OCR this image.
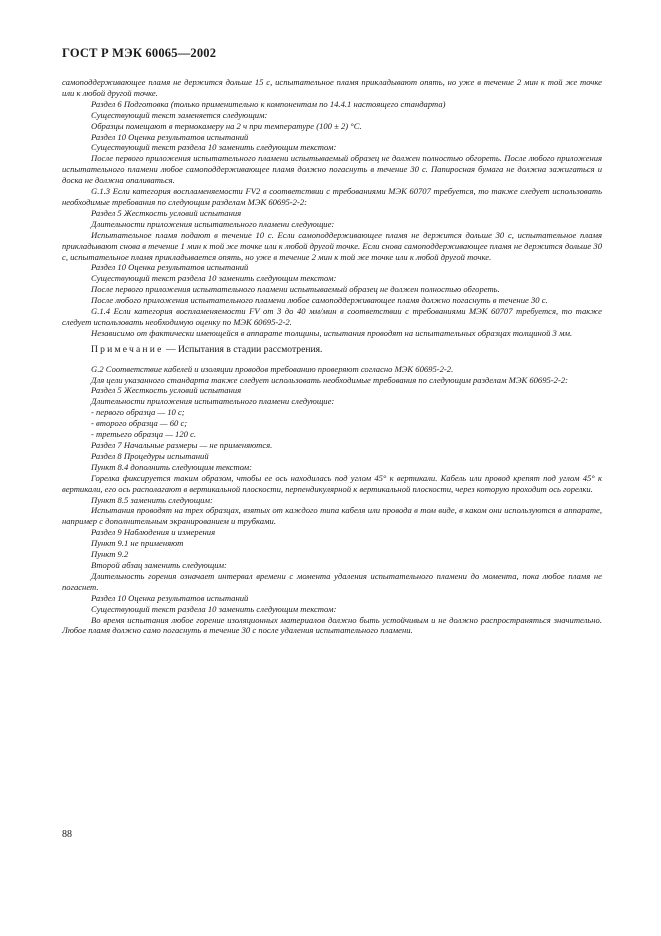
ГОСТ Р МЭК 60065—2002

самоподдерживающее пламя не держится дольше 15 с, испытательное пламя прикладывают опять, но уже в течение 2 мин к той же точке или к любой другой точке.

Раздел 6 Подготовка (только применительно к компонентам по 14.4.1 настоящего стандарта)

Существующий текст заменяется следующим:

Образцы помещают в термокамеру на 2 ч при температуре (100 ± 2) °С.

Раздел 10 Оценка результатов испытаний

Существующий текст раздела 10 заменить следующим текстом:

После первого приложения испытательного пламени испытываемый образец не должен полностью обгореть. После любого приложения испытательного пламени любое самоподдерживающее пламя должно погаснуть в течение 30 с. Папиросная бумага не должна зажигаться и доска не должна опаливаться.

G.1.3 Если категория воспламеняемости FV2 в соответствии с требованиями МЭК 60707 требуется, то также следует использовать необходимые требования по следующим разделам МЭК 60695-2-2:

Раздел 5 Жесткость условий испытания

Длительности приложения испытательного пламени следующие:

Испытательное пламя подают в течение 10 с. Если самоподдерживающее пламя не держится дольше 30 с, испытательное пламя прикладывают снова в течение 1 мин к той же точке или к любой другой точке. Если снова самоподдерживающее пламя не держится дольше 30 с, испытательное пламя прикладывается опять, но уже в течение 2 мин к той же точке или к любой другой точке.

Раздел 10 Оценка результатов испытаний

Существующий текст раздела 10 заменить следующим текстом:

После первого приложения испытательного пламени испытываемый образец не должен полностью обгореть.

После любого приложения испытательного пламени любое самоподдерживающее пламя должно погаснуть в течение 30 с.

G.1.4 Если категория воспламеняемости FV от 3 до 40 мм/мин в соответствии с требованиями МЭК 60707 требуется, то также следует использовать необходимую оценку по МЭК 60695-2-2.

Независимо от фактически имеющейся в аппарате толщины, испытания проводят на испытательных образцах толщиной 3 мм.

Примечание — Испытания в стадии рассмотрения.

G.2 Соответствие кабелей и изоляции проводов требованию проверяют согласно МЭК 60695-2-2.

Для цели указанного стандарта также следует использовать необходимые требования по следующим разделам МЭК 60695-2-2:

Раздел 5 Жесткость условий испытания

Длительности приложения испытательного пламени следующие:

- первого образца — 10 с;

- второго образца — 60 с;

- третьего образца — 120 с.

Раздел 7 Начальные размеры — не применяются.

Раздел 8 Процедуры испытаний

Пункт 8.4 дополнить следующим текстом:

Горелка фиксируется таким образом, чтобы ее ось находилась под углом 45° к вертикали. Кабель или провод крепят под углом 45° к вертикали, его ось располагают в вертикальной плоскости, перпендикулярной к вертикальной плоскости, через которую проходит ось горелки.

Пункт 8.5 заменить следующим:

Испытания проводят на трех образцах, взятых от каждого типа кабеля или провода в том виде, в каком они используются в аппарате, например с дополнительным экранированием и трубками.

Раздел 9 Наблюдения и измерения

Пункт 9.1 не применяют

Пункт 9.2

Второй абзац заменить следующим:

Длительность горения означает интервал времени с момента удаления испытательного пламени до момента, пока любое пламя не погаснет.

Раздел 10 Оценка результатов испытаний

Существующий текст раздела 10 заменить следующим текстом:

Во время испытания любое горение изоляционных материалов должно быть устойчивым и не должно распространяться значительно. Любое пламя должно само погаснуть в течение 30 с после удаления испытательного пламени.

88
